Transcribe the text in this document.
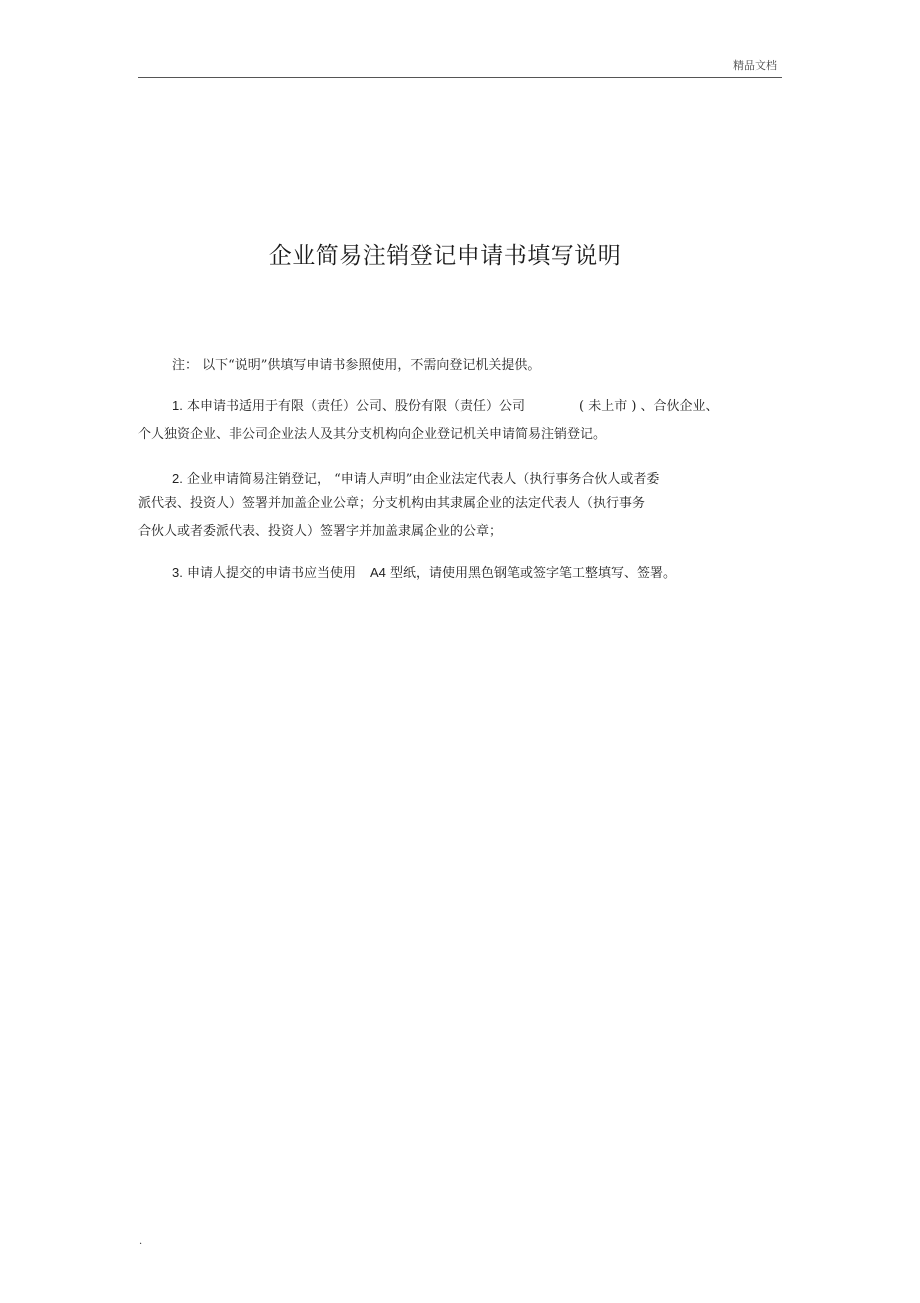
精品文档
企业简易注销登记申请书填写说明
注： 以下“说明”供填写申请书参照使用，不需向登记机关提供。
1. 本申请书适用于有限（责任）公司、股份有限（责任）公司	( 未上市 ) 、合伙企业、
个人独资企业、非公司企业法人及其分支机构向企业登记机关申请简易注销登记。
2. 企业申请简易注销登记， “申请人声明”由企业法定代表人（执行事务合伙人或者委
派代表、投资人）签署并加盖企业公章；分支机构由其隶属企业的法定代表人（执行事务
合伙人或者委派代表、投资人）签署字并加盖隶属企业的公章；
3. 申请人提交的申请书应当使用 A4 型纸，请使用黑色钢笔或签字笔工整填写、签署。
.
